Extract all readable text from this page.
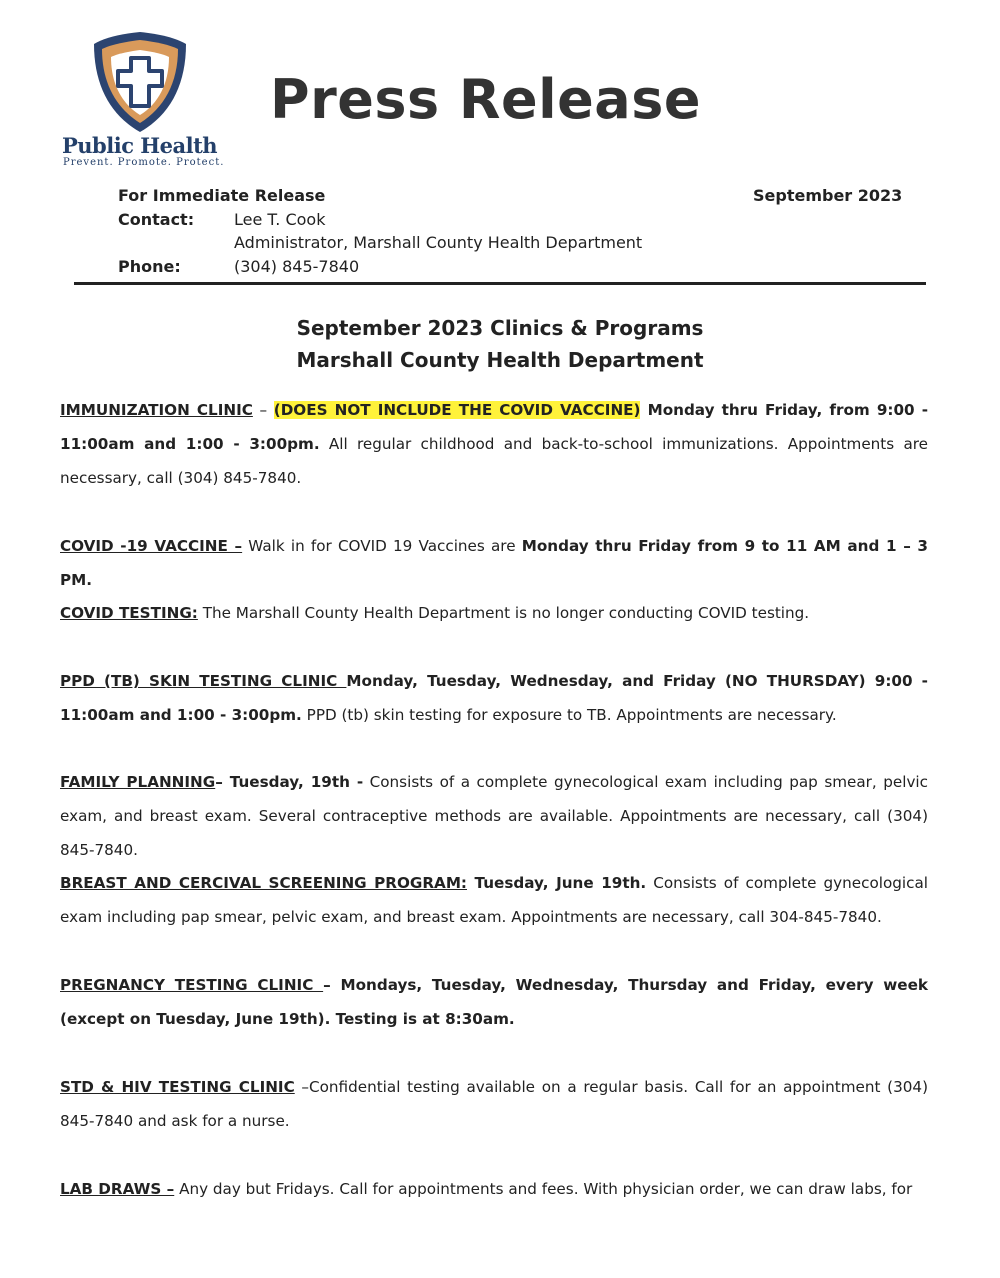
Public Health
Prevent. Promote. Protect.
Press Release
For Immediate Release	September 2023
Contact: Lee T. Cook
Administrator, Marshall County Health Department
Phone:	(304) 845-7840
September 2023 Clinics & Programs
Marshall County Health Department
IMMUNIZATION CLINIC – (DOES NOT INCLUDE THE COVID VACCINE) Monday thru Friday, from 9:00 - 11:00am and 1:00 - 3:00pm. All regular childhood and back-to-school immunizations. Appointments are necessary, call (304) 845-7840.
COVID -19 VACCINE – Walk in for COVID 19 Vaccines are Monday thru Friday from 9 to 11 AM and 1 – 3 PM.
COVID TESTING: The Marshall County Health Department is no longer conducting COVID testing.
PPD (TB) SKIN TESTING CLINIC Monday, Tuesday, Wednesday, and Friday (NO THURSDAY) 9:00 - 11:00am and 1:00 - 3:00pm. PPD (tb) skin testing for exposure to TB. Appointments are necessary.
FAMILY PLANNING– Tuesday, 19th - Consists of a complete gynecological exam including pap smear, pelvic exam, and breast exam. Several contraceptive methods are available. Appointments are necessary, call (304) 845-7840.
BREAST AND CERCIVAL SCREENING PROGRAM: Tuesday, June 19th. Consists of complete gynecological exam including pap smear, pelvic exam, and breast exam. Appointments are necessary, call 304-845-7840.
PREGNANCY TESTING CLINIC – Mondays, Tuesday, Wednesday, Thursday and Friday, every week (except on Tuesday, June 19th). Testing is at 8:30am.
STD & HIV TESTING CLINIC –Confidential testing available on a regular basis. Call for an appointment (304) 845-7840 and ask for a nurse.
LAB DRAWS – Any day but Fridays. Call for appointments and fees. With physician order, we can draw labs, for
